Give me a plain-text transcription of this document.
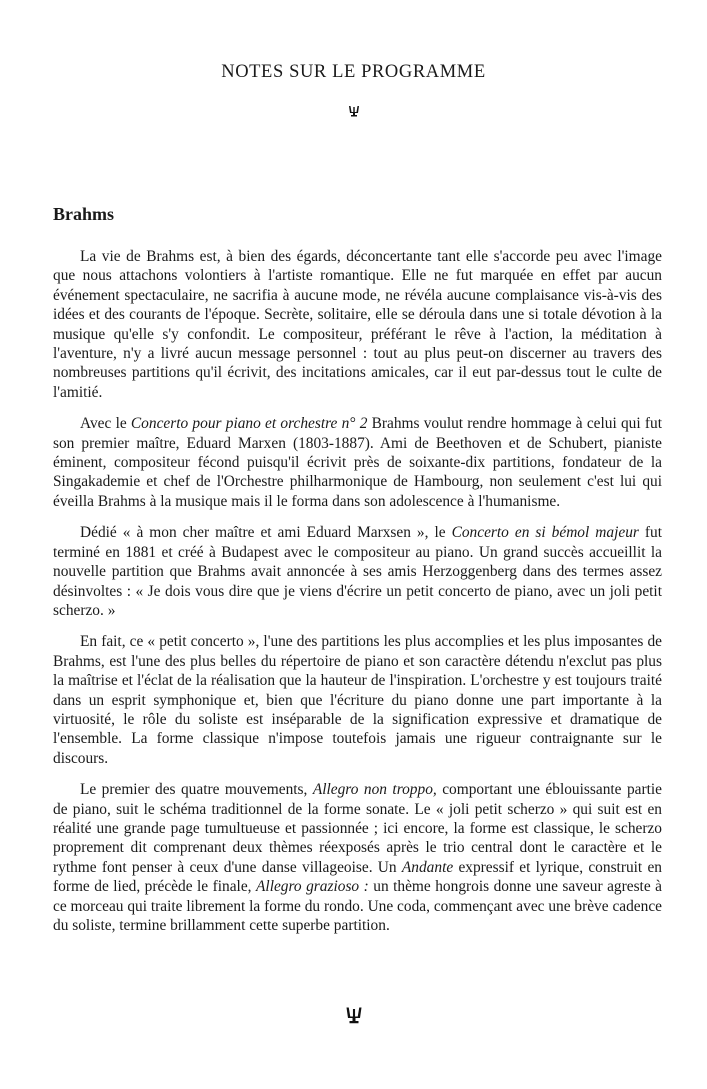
NOTES SUR LE PROGRAMME
Brahms

La vie de Brahms est, à bien des égards, déconcertante tant elle s'accorde peu avec l'image que nous attachons volontiers à l'artiste romantique. Elle ne fut marquée en effet par aucun événement spectaculaire, ne sacrifia à aucune mode, ne révéla aucune complaisance vis-à-vis des idées et des courants de l'époque. Secrète, solitaire, elle se déroula dans une si totale dévotion à la musique qu'elle s'y confondit. Le compositeur, préférant le rêve à l'action, la méditation à l'aventure, n'y a livré aucun message personnel : tout au plus peut-on discerner au travers des nombreuses partitions qu'il écrivit, des incitations amicales, car il eut par-dessus tout le culte de l'amitié.

Avec le Concerto pour piano et orchestre n° 2 Brahms voulut rendre hommage à celui qui fut son premier maître, Eduard Marxen (1803-1887). Ami de Beethoven et de Schubert, pianiste éminent, compositeur fécond puisqu'il écrivit près de soixante-dix partitions, fondateur de la Singakademie et chef de l'Orchestre philharmonique de Hambourg, non seulement c'est lui qui éveilla Brahms à la musique mais il le forma dans son adolescence à l'humanisme.

Dédié « à mon cher maître et ami Eduard Marxsen », le Concerto en si bémol majeur fut terminé en 1881 et créé à Budapest avec le compositeur au piano. Un grand succès accueillit la nouvelle partition que Brahms avait annoncée à ses amis Herzoggenberg dans des termes assez désinvoltes : « Je dois vous dire que je viens d'écrire un petit concerto de piano, avec un joli petit scherzo. »

En fait, ce « petit concerto », l'une des partitions les plus accomplies et les plus imposantes de Brahms, est l'une des plus belles du répertoire de piano et son caractère détendu n'exclut pas plus la maîtrise et l'éclat de la réalisation que la hauteur de l'inspiration. L'orchestre y est toujours traité dans un esprit symphonique et, bien que l'écriture du piano donne une part importante à la virtuosité, le rôle du soliste est inséparable de la signification expressive et dramatique de l'ensemble. La forme classique n'impose toutefois jamais une rigueur contraignante sur le discours.

Le premier des quatre mouvements, Allegro non troppo, comportant une éblouissante partie de piano, suit le schéma traditionnel de la forme sonate. Le « joli petit scherzo » qui suit est en réalité une grande page tumultueuse et passionnée ; ici encore, la forme est classique, le scherzo proprement dit comprenant deux thèmes réexposés après le trio central dont le caractère et le rythme font penser à ceux d'une danse villageoise. Un Andante expressif et lyrique, construit en forme de lied, précède le finale, Allegro grazioso : un thème hongrois donne une saveur agreste à ce morceau qui traite librement la forme du rondo. Une coda, commençant avec une brève cadence du soliste, termine brillamment cette superbe partition.
